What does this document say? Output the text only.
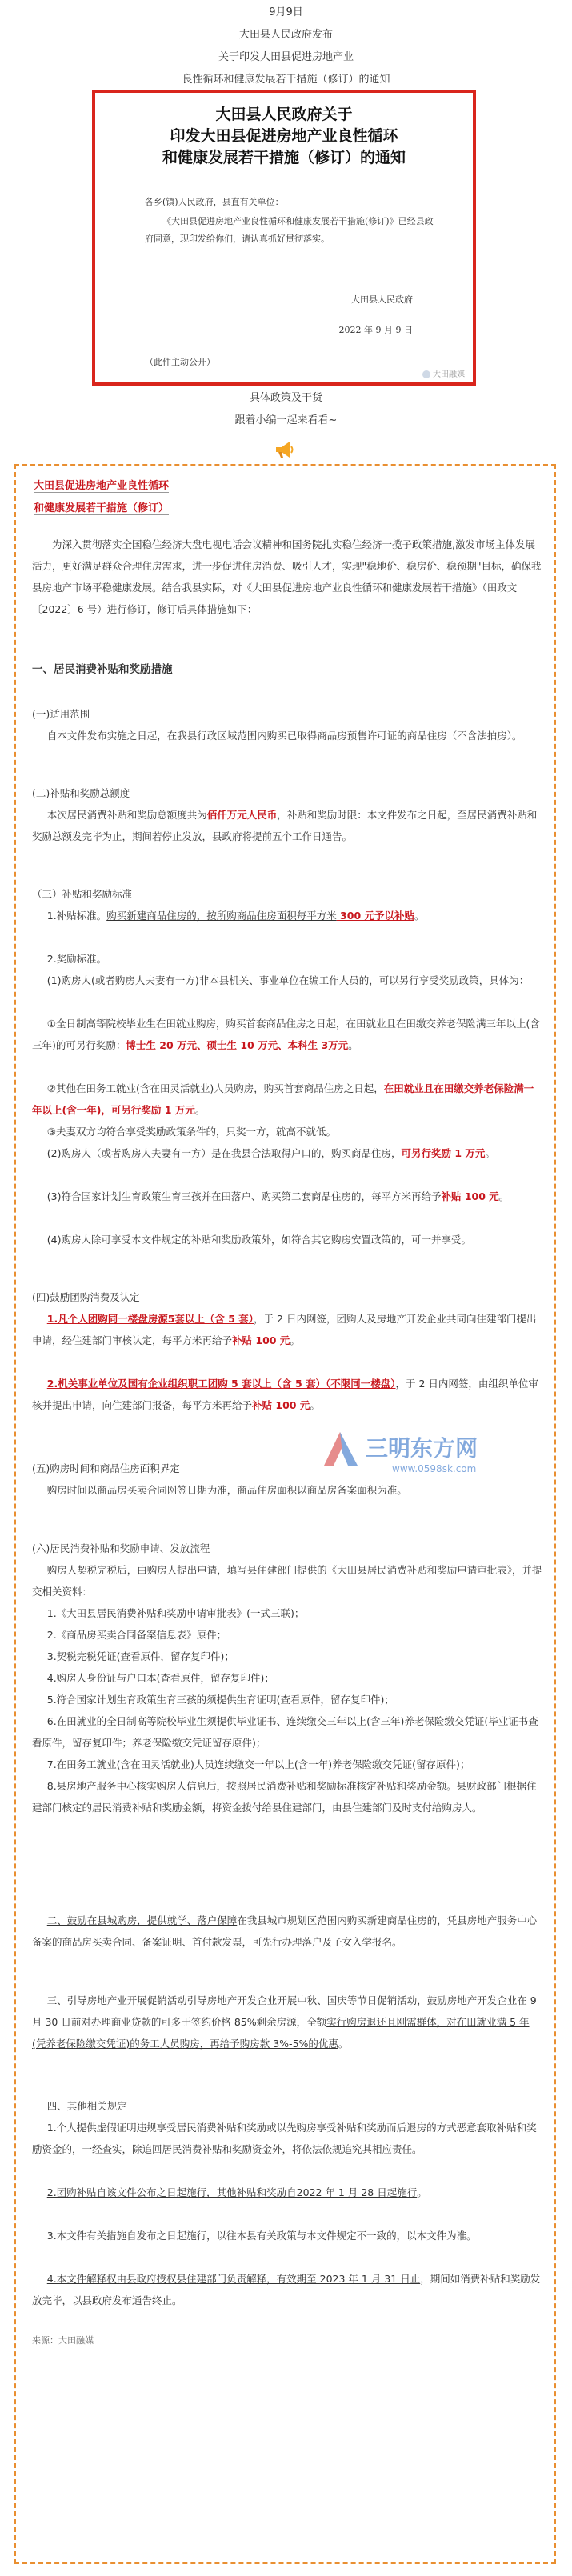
9月9日
大田县人民政府发布
关于印发大田县促进房地产业
良性循环和健康发展若干措施（修订）的通知
大田县人民政府关于
印发大田县促进房地产业良性循环
和健康发展若干措施（修订）的通知
各乡(镇)人民政府，县直有关单位：
《大田县促进房地产业良性循环和健康发展若干措施(修订)》已经县政府同意，现印发给你们，请认真抓好贯彻落实。
大田县人民政府
2022 年 9 月 9 日
（此件主动公开）
大田融媒
具体政策及干货
跟着小编一起来看看~
大田县促进房地产业良性循环
和健康发展若干措施（修订）
为深入贯彻落实全国稳住经济大盘电视电话会议精神和国务院扎实稳住经济一揽子政策措施,激发市场主体发展活力，更好满足群众合理住房需求，进一步促进住房消费、吸引人才，实现"稳地价、稳房价、稳预期"目标，确保我县房地产市场平稳健康发展。结合我县实际，对《大田县促进房地产业良性循环和健康发展若干措施》（田政文〔2022〕6 号）进行修订，修订后具体措施如下：
一、居民消费补贴和奖励措施
(一)适用范围
自本文件发布实施之日起，在我县行政区域范围内购买已取得商品房预售许可证的商品住房（不含法拍房）。
(二)补贴和奖励总额度
本次居民消费补贴和奖励总额度共为佰仟万元人民币，补贴和奖励时限：本文件发布之日起，至居民消费补贴和奖励总额发完毕为止，期间若停止发放，县政府将提前五个工作日通告。
（三）补贴和奖励标准
1.补贴标准。购买新建商品住房的，按所购商品住房面积每平方米 300 元予以补贴。
2.奖励标准。
(1)购房人(或者购房人夫妻有一方)非本县机关、事业单位在编工作人员的，可以另行享受奖励政策，具体为：
①全日制高等院校毕业生在田就业购房，购买首套商品住房之日起，在田就业且在田缴交养老保险满三年以上(含三年)的可另行奖励：博士生 20 万元、硕士生 10 万元、本科生 3万元。
②其他在田务工就业(含在田灵活就业)人员购房，购买首套商品住房之日起，在田就业且在田缴交养老保险满一年以上(含一年)，可另行奖励 1 万元。
③夫妻双方均符合享受奖励政策条件的，只奖一方，就高不就低。
(2)购房人（或者购房人夫妻有一方）是在我县合法取得户口的，购买商品住房，可另行奖励 1 万元。
(3)符合国家计划生育政策生育三孩并在田落户、购买第二套商品住房的，每平方米再给予补贴 100 元。
(4)购房人除可享受本文件规定的补贴和奖励政策外，如符合其它购房安置政策的，可一并享受。
(四)鼓励团购消费及认定
1.凡个人团购同一楼盘房源5套以上（含 5 套），于 2 日内网签，团购人及房地产开发企业共同向住建部门提出申请，经住建部门审核认定，每平方米再给予补贴 100 元。
2.机关事业单位及国有企业组织职工团购 5 套以上（含 5 套）（不限同一楼盘），于 2 日内网签，由组织单位审核并提出申请，向住建部门报备，每平方米再给予补贴 100 元。
(五)购房时间和商品住房面积界定
购房时间以商品房买卖合同网签日期为准，商品住房面积以商品房备案面积为准。
(六)居民消费补贴和奖励申请、发放流程
购房人契税完税后，由购房人提出申请，填写县住建部门提供的《大田县居民消费补贴和奖励申请审批表》，并提交相关资料：
1.《大田县居民消费补贴和奖励申请审批表》(一式三联)；
2.《商品房买卖合同备案信息表》原件；
3.契税完税凭证(查看原件，留存复印件)；
4.购房人身份证与户口本(查看原件，留存复印件)；
5.符合国家计划生育政策生育三孩的须提供生育证明(查看原件，留存复印件)；
6.在田就业的全日制高等院校毕业生须提供毕业证书、连续缴交三年以上(含三年)养老保险缴交凭证(毕业证书查看原件，留存复印件；养老保险缴交凭证留存原件)；
7.在田务工就业(含在田灵活就业)人员连续缴交一年以上(含一年)养老保险缴交凭证(留存原件)；
8.县房地产服务中心核实购房人信息后，按照居民消费补贴和奖励标准核定补贴和奖励金额。县财政部门根据住建部门核定的居民消费补贴和奖励金额，将资金拨付给县住建部门，由县住建部门及时支付给购房人。
二、鼓励在县城购房，提供就学、落户保障在我县城市规划区范围内购买新建商品住房的，凭县房地产服务中心备案的商品房买卖合同、备案证明、首付款发票，可先行办理落户及子女入学报名。
三、引导房地产业开展促销活动引导房地产开发企业开展中秋、国庆等节日促销活动，鼓励房地产开发企业在 9 月 30 日前对办理商业贷款的可多于签约价格 85%剩余房源，全额实行购房退还且刚需群体，对在田就业满 5 年(凭养老保险缴交凭证)的务工人员购房，再给予购房款 3%-5%的优惠。
四、其他相关规定
1.个人提供虚假证明违规享受居民消费补贴和奖励或以先购房享受补贴和奖励而后退房的方式恶意套取补贴和奖励资金的，一经查实，除追回居民消费补贴和奖励资金外，将依法依规追究其相应责任。
2.团购补贴自该文件公布之日起施行，其他补贴和奖励自2022 年 1 月 28 日起施行。
3.本文件有关措施自发布之日起施行，以往本县有关政策与本文件规定不一致的，以本文件为准。
4.本文件解释权由县政府授权县住建部门负责解释，有效期至 2023 年 1 月 31 日止，期间如消费补贴和奖励发放完毕，以县政府发布通告终止。
来源：大田融媒
三明东方网
www.0598sk.com
